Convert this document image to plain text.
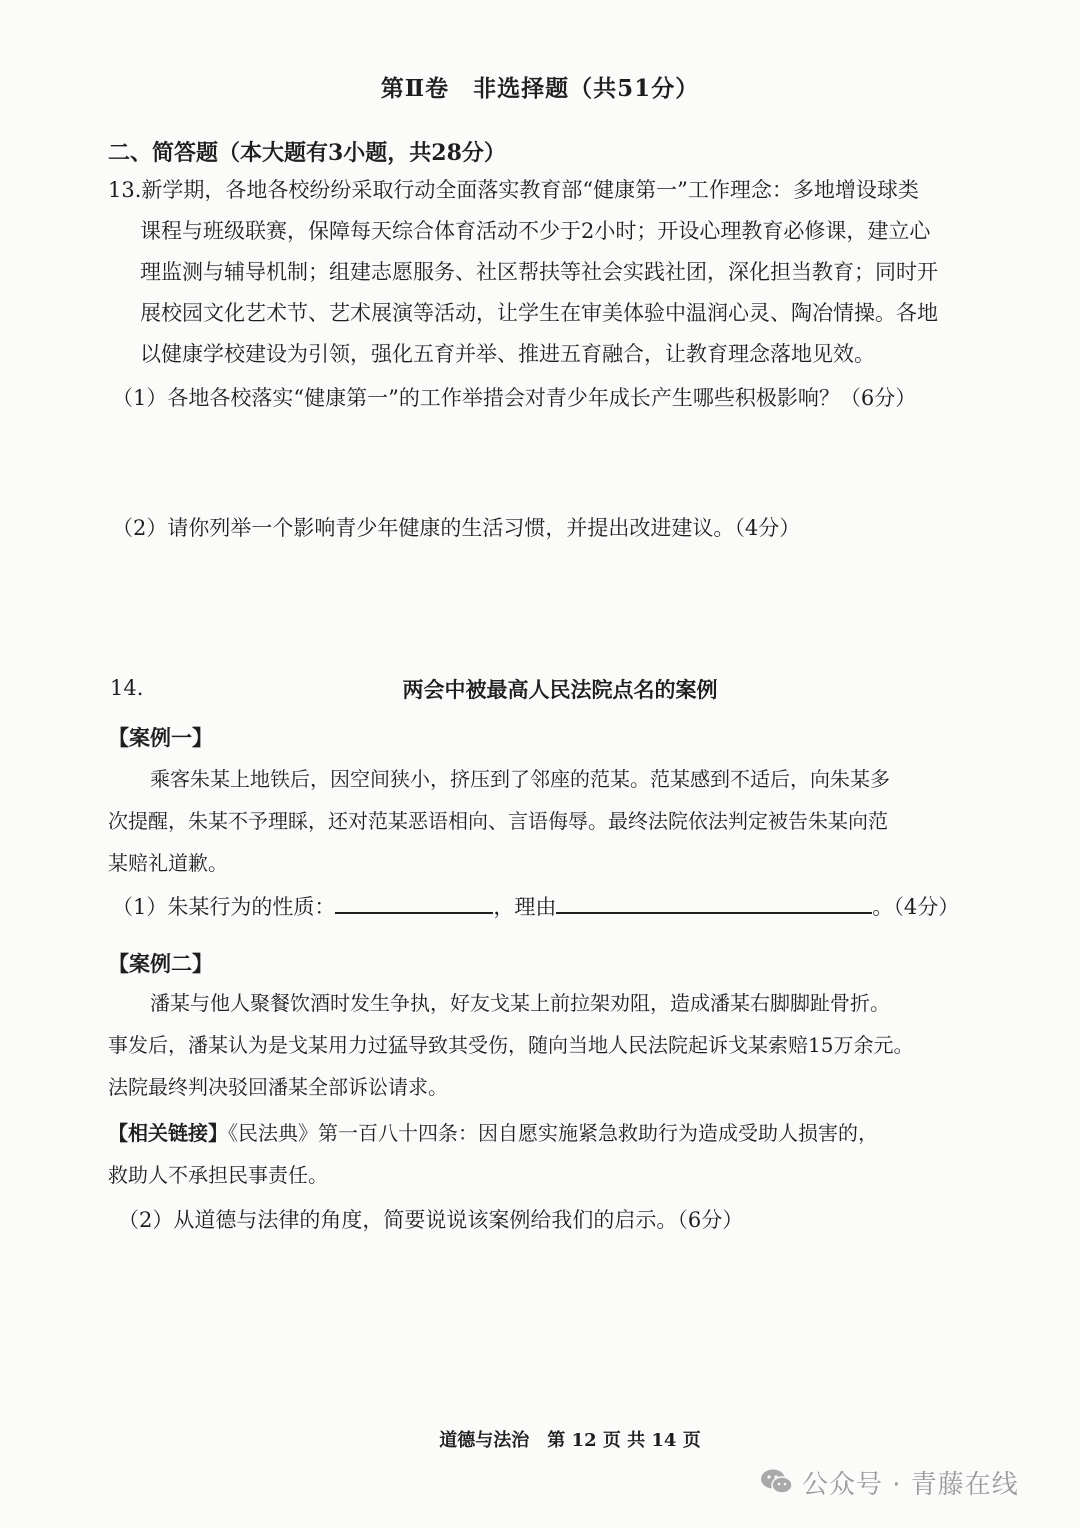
第Ⅱ卷　非选择题（共51分）
二、简答题（本大题有3小题，共28分）
13.新学期，各地各校纷纷采取行动全面落实教育部“健康第一”工作理念：多地增设球类
课程与班级联赛，保障每天综合体育活动不少于2小时；开设心理教育必修课，建立心
理监测与辅导机制；组建志愿服务、社区帮扶等社会实践社团，深化担当教育；同时开
展校园文化艺术节、艺术展演等活动，让学生在审美体验中温润心灵、陶冶情操。各地
以健康学校建设为引领，强化五育并举、推进五育融合，让教育理念落地见效。
（1）各地各校落实“健康第一”的工作举措会对青少年成长产生哪些积极影响？（6分）
（2）请你列举一个影响青少年健康的生活习惯，并提出改进建议。（4分）
14.	两会中被最高人民法院点名的案例
【案例一】
乘客朱某上地铁后，因空间狭小，挤压到了邻座的范某。范某感到不适后，向朱某多
次提醒，朱某不予理睬，还对范某恶语相向、言语侮辱。最终法院依法判定被告朱某向范
某赔礼道歉。
（1）朱某行为的性质：	，理由	。（4分）
【案例二】
潘某与他人聚餐饮酒时发生争执，好友戈某上前拉架劝阻，造成潘某右脚脚趾骨折。
事发后，潘某认为是戈某用力过猛导致其受伤，随向当地人民法院起诉戈某索赔15万余元。
法院最终判决驳回潘某全部诉讼请求。
【相关链接】《民法典》第一百八十四条：因自愿实施紧急救助行为造成受助人损害的，
救助人不承担民事责任。
（2）从道德与法律的角度，简要说说该案例给我们的启示。（6分）
道德与法治　第 12 页 共 14 页
公众号 · 青藤在线
